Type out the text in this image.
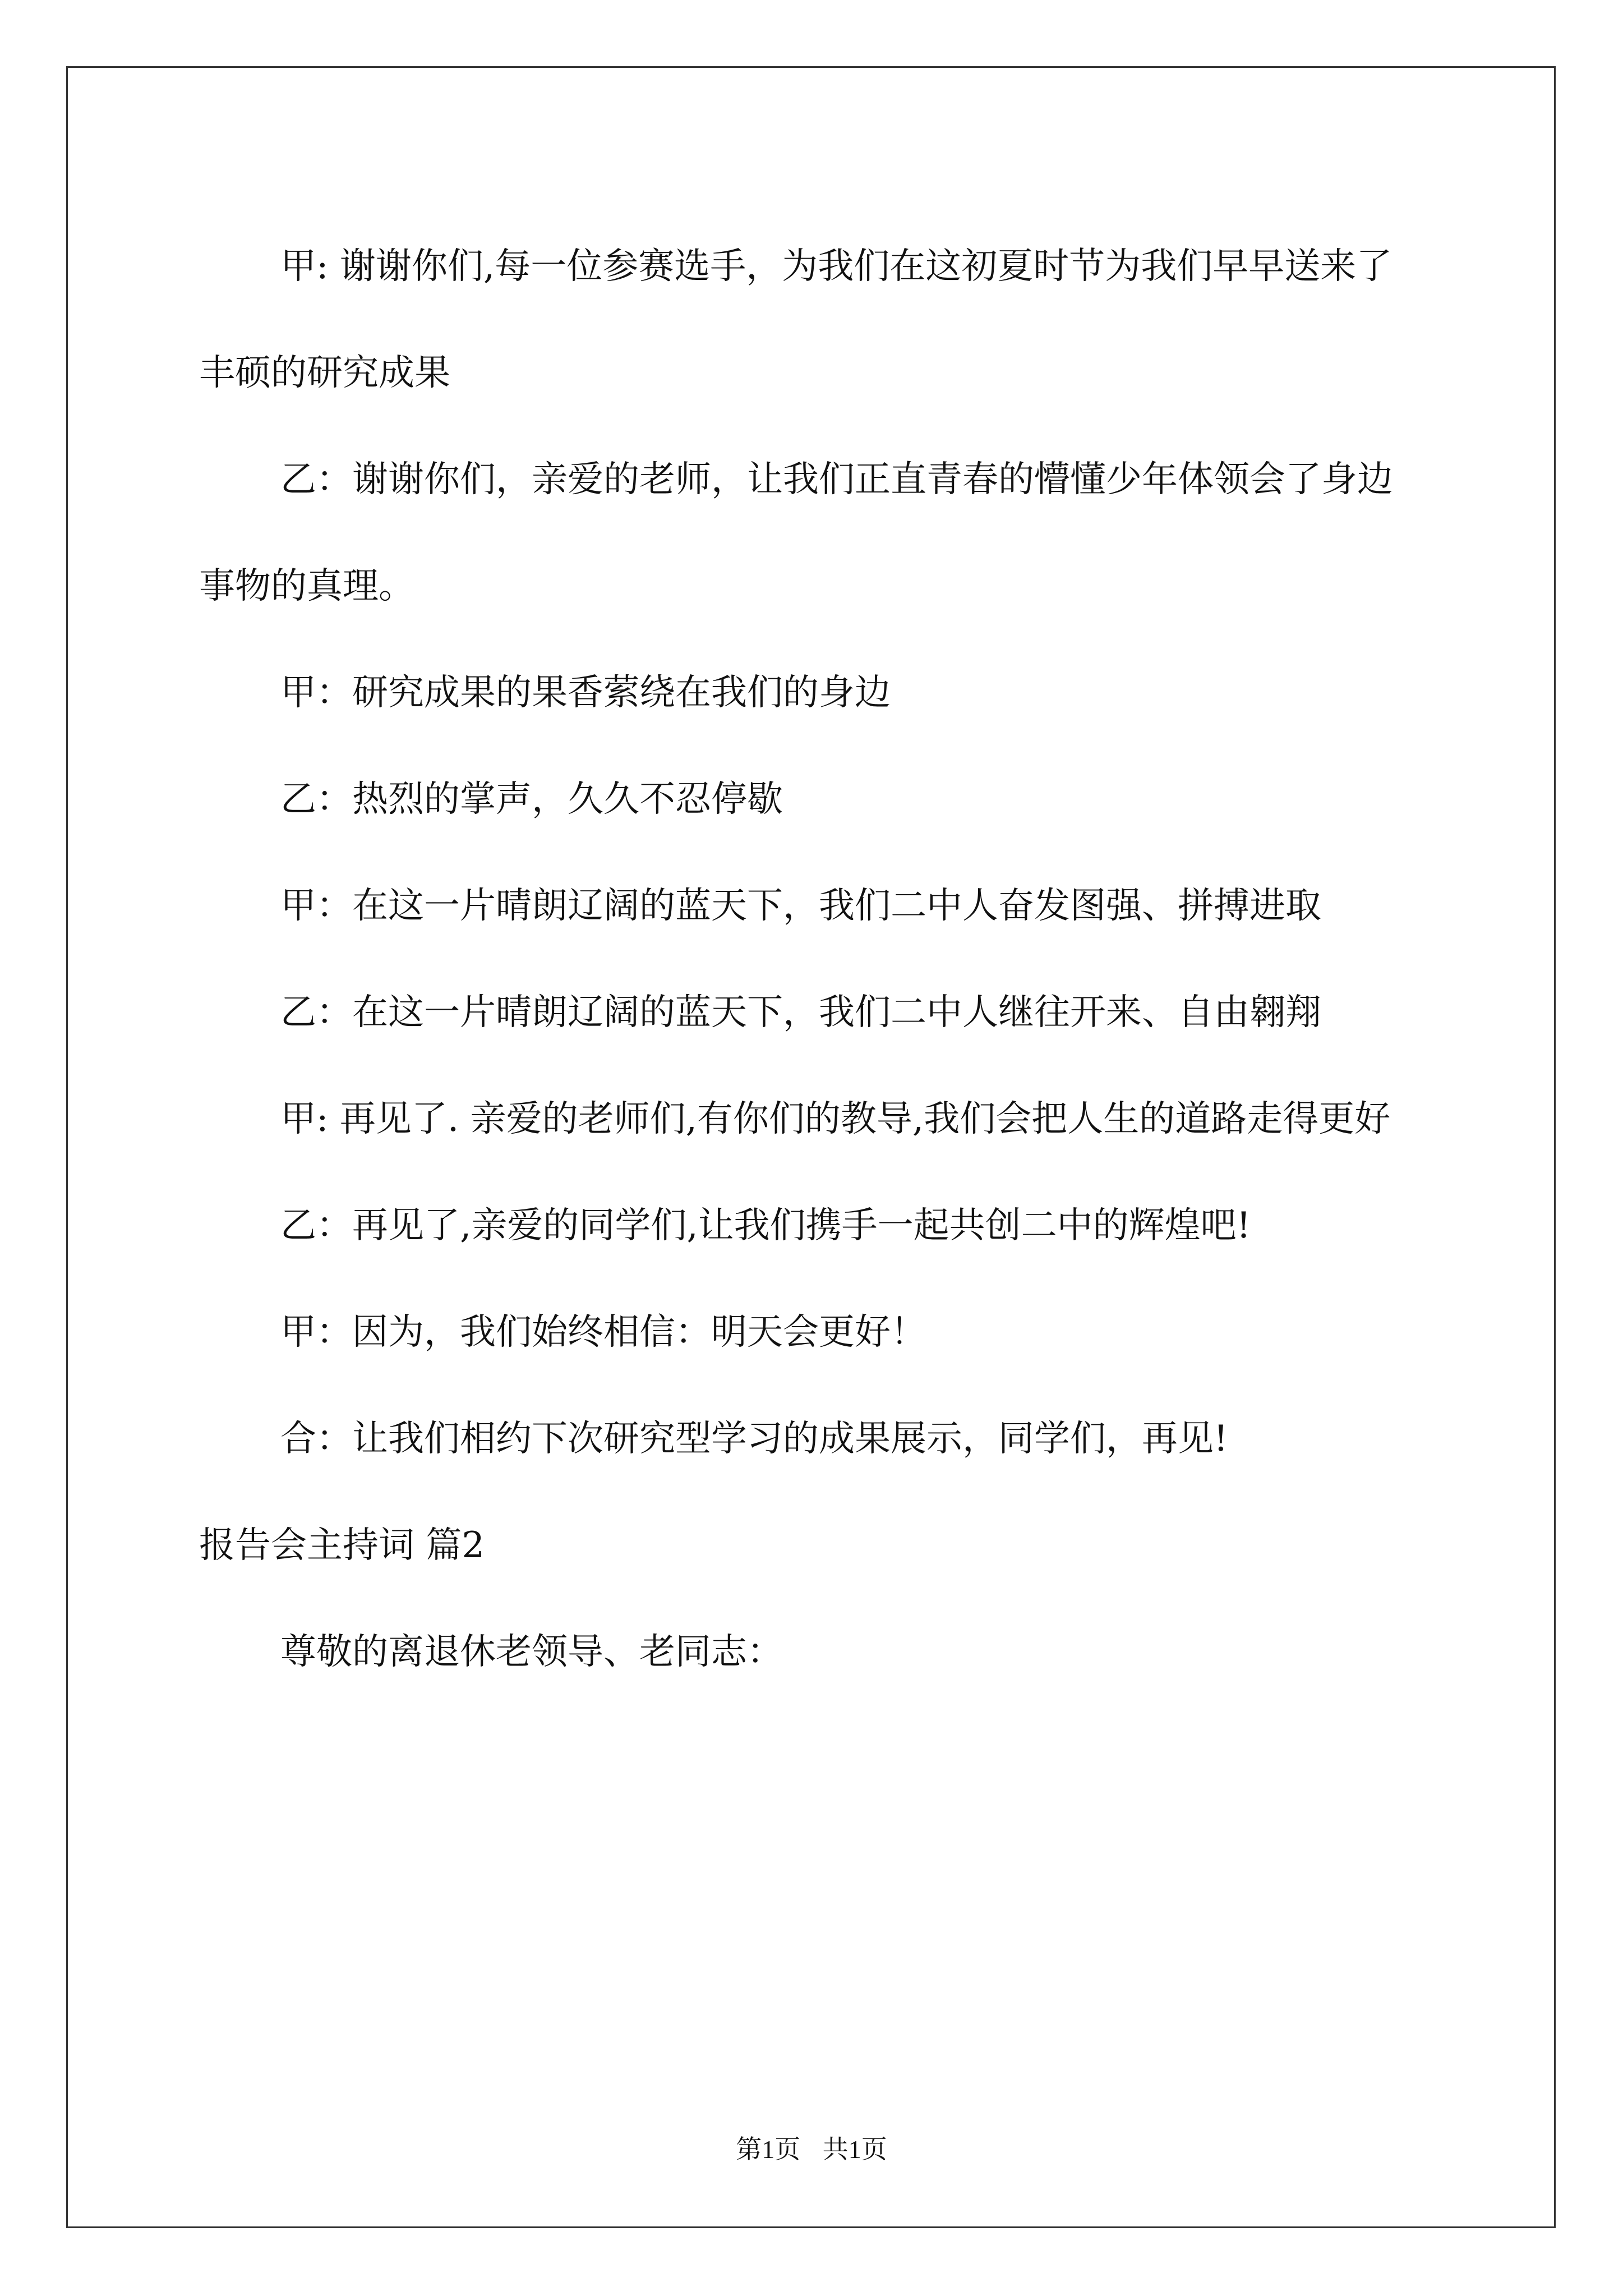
甲: 谢谢你们,每一位参赛选手，为我们在这初夏时节为我们早早送来了丰硕的研究成果

乙：谢谢你们，亲爱的老师，让我们正直青春的懵懂少年体领会了身边事物的真理。

甲：研究成果的果香萦绕在我们的身边

乙：热烈的掌声，久久不忍停歇

甲：在这一片晴朗辽阔的蓝天下，我们二中人奋发图强、拼搏进取

乙：在这一片晴朗辽阔的蓝天下，我们二中人继往开来、自由翱翔

甲: 再见了. 亲爱的老师们,有你们的教导,我们会把人生的道路走得更好

乙：再见了,亲爱的同学们,让我们携手一起共创二中的辉煌吧!

甲：因为，我们始终相信：明天会更好！

合：让我们相约下次研究型学习的成果展示，同学们，再见!

报告会主持词 篇2

尊敬的离退休老领导、老同志：

第1页 共1页
